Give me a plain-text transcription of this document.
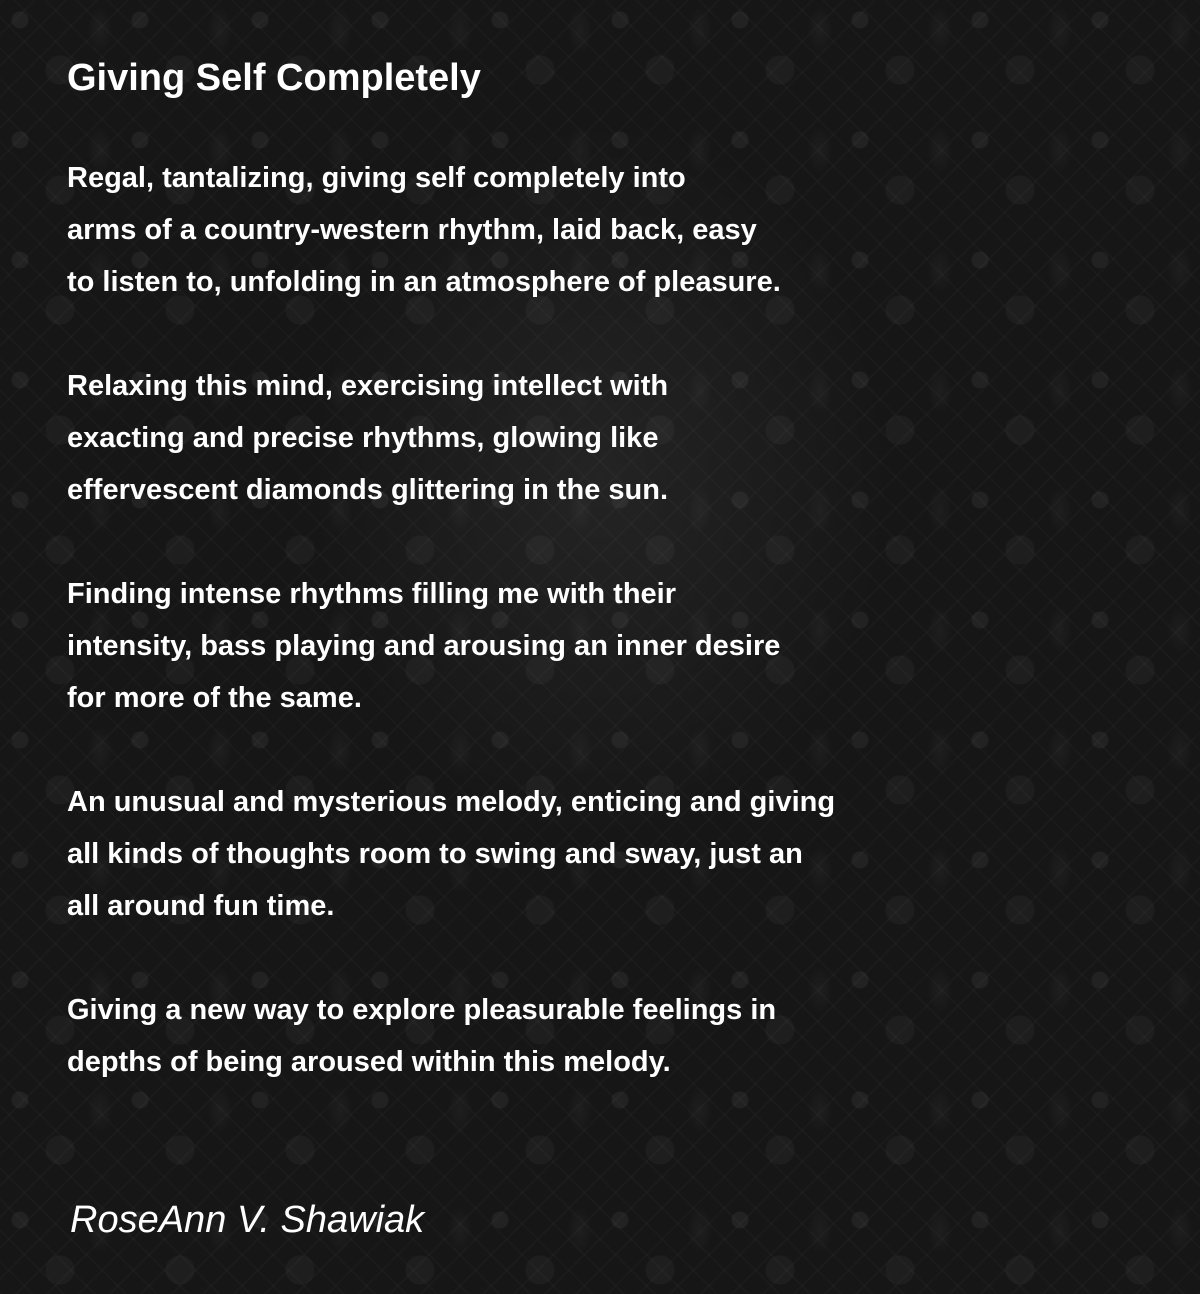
Giving Self Completely
Regal, tantalizing, giving self completely into
arms of a country-western rhythm, laid back, easy
to listen to, unfolding in an atmosphere of pleasure.
Relaxing this mind, exercising intellect with
exacting and precise rhythms, glowing like
effervescent diamonds glittering in the sun.
Finding intense rhythms filling me with their
intensity, bass playing and arousing an inner desire
for more of the same.
An unusual and mysterious melody, enticing and giving
all kinds of thoughts room to swing and sway, just an
all around fun time.
Giving a new way to explore pleasurable feelings in
depths of being aroused within this melody.

RoseAnn V. Shawiak
